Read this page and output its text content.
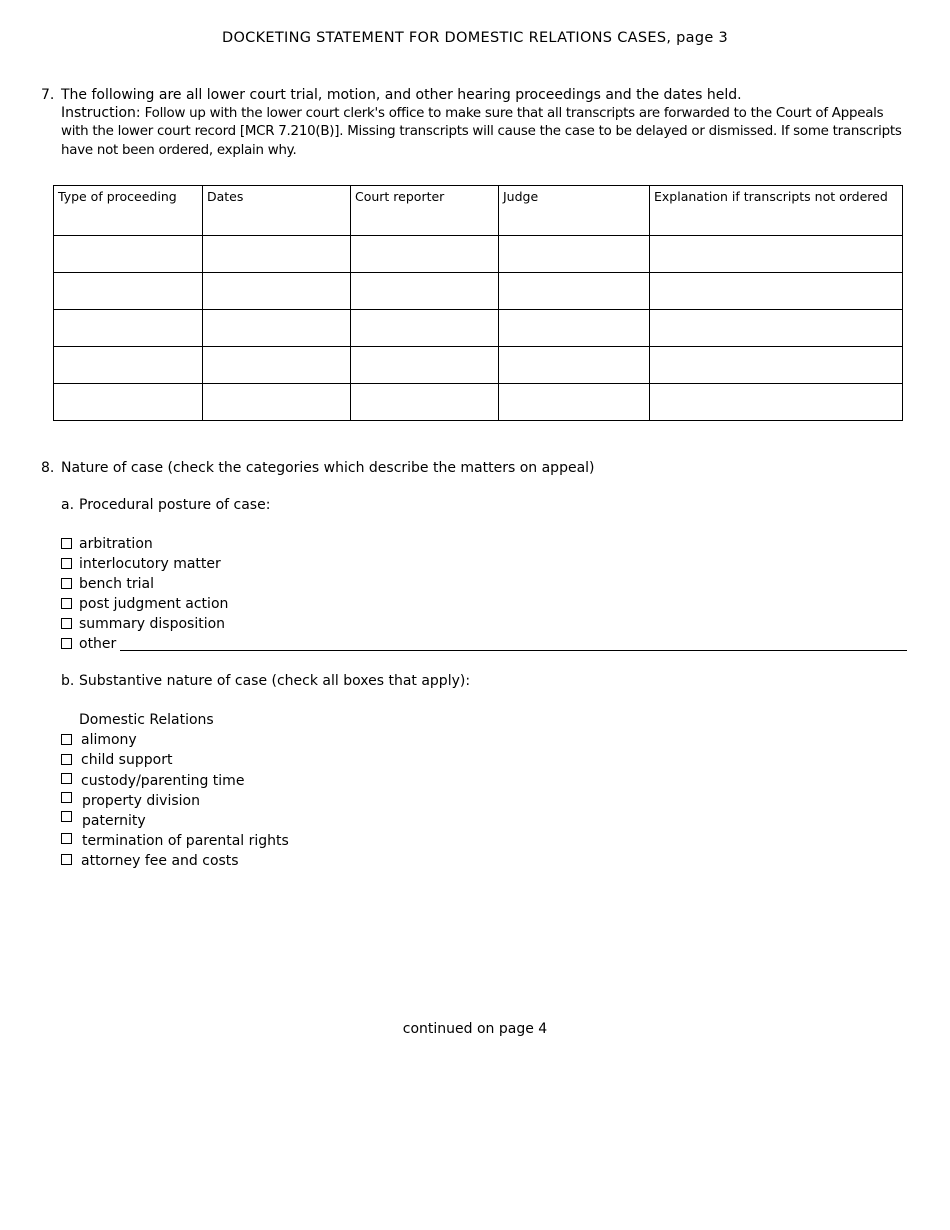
DOCKETING STATEMENT FOR DOMESTIC RELATIONS CASES, page 3
7. The following are all lower court trial, motion, and other hearing proceedings and the dates held.
Instruction: Follow up with the lower court clerk's office to make sure that all transcripts are forwarded to the Court of Appeals
with the lower court record [MCR 7.210(B)]. Missing transcripts will cause the case to be delayed or dismissed. If some transcripts
have not been ordered, explain why.
Type of proceeding	Dates	Court reporter	Judge	Explanation if transcripts not ordered

8. Nature of case (check the categories which describe the matters on appeal)
a. Procedural posture of case:
arbitration
interlocutory matter
bench trial
post judgment action
summary disposition
other
b. Substantive nature of case (check all boxes that apply):
Domestic Relations
alimony
child support
custody/parenting time
property division
paternity
termination of parental rights
attorney fee and costs
continued on page 4
